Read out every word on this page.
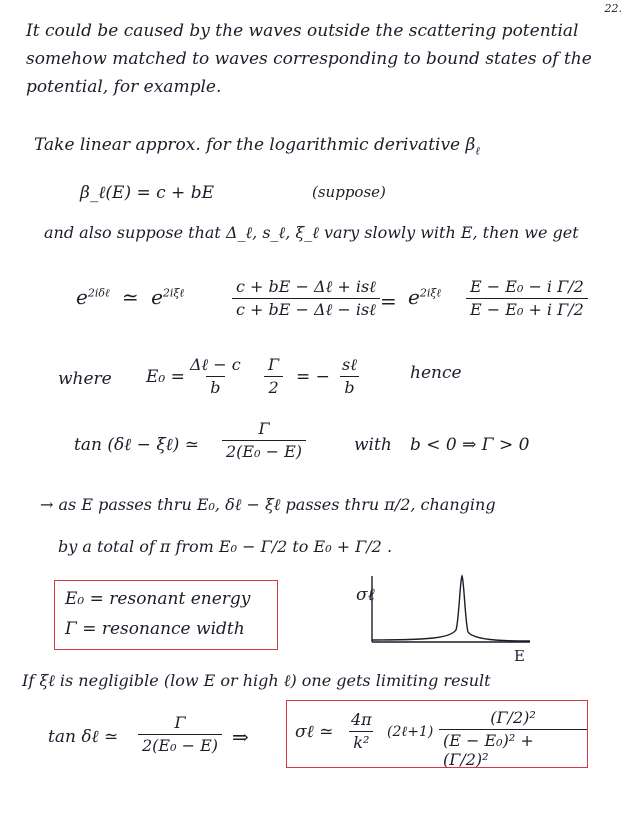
22.
It could be caused by the waves outside the scattering potential
somehow matched to waves corresponding to bound states of the
potential, for example.
Take linear approx. for the logarithmic derivative $\beta_\ell$
β_ℓ(E) = c + bE	(suppose)
and also suppose that Δ_ℓ, s_ℓ, ξ_ℓ vary slowly with E, then we get
$e^{2i\delta\ell}$ ≃ $e^{2i\xi\ell}$	c + bE − Δℓ + isℓ
c + bE − Δℓ − isℓ = $e^{2i\xi\ell} \frac{\text{E − E₀ − i Γ/2}}{\text{E − E₀ + i Γ/2}}$
where E₀ =
Δℓ − c
b	$\frac{\Gamma}{2}$ = −
sℓ
b
hence
tan (δℓ − ξℓ) ≃ $\frac{\Gamma}{\text{2(E₀ − E)}}$	with b < 0 ⇒ Γ > 0
→ as E passes thru E₀, δℓ − ξℓ passes thru π/2, changing
by a total of π from E₀ − Γ/2 to E₀ + Γ/2 .
E₀ = resonant energy
Γ = resonance width
σℓ
E
If ξℓ is negligible (low E or high ℓ) one gets limiting result
tan δℓ ≃ $\frac{\Gamma}{\text{2(E₀ − E)}}$ ⇒	σℓ ≃ $\frac{4\pi}{\text{k²}}$ (2ℓ+1) $\frac{\text{(Γ/2)²}}{\text{(E − E₀)² + (Γ/2)²}}$
